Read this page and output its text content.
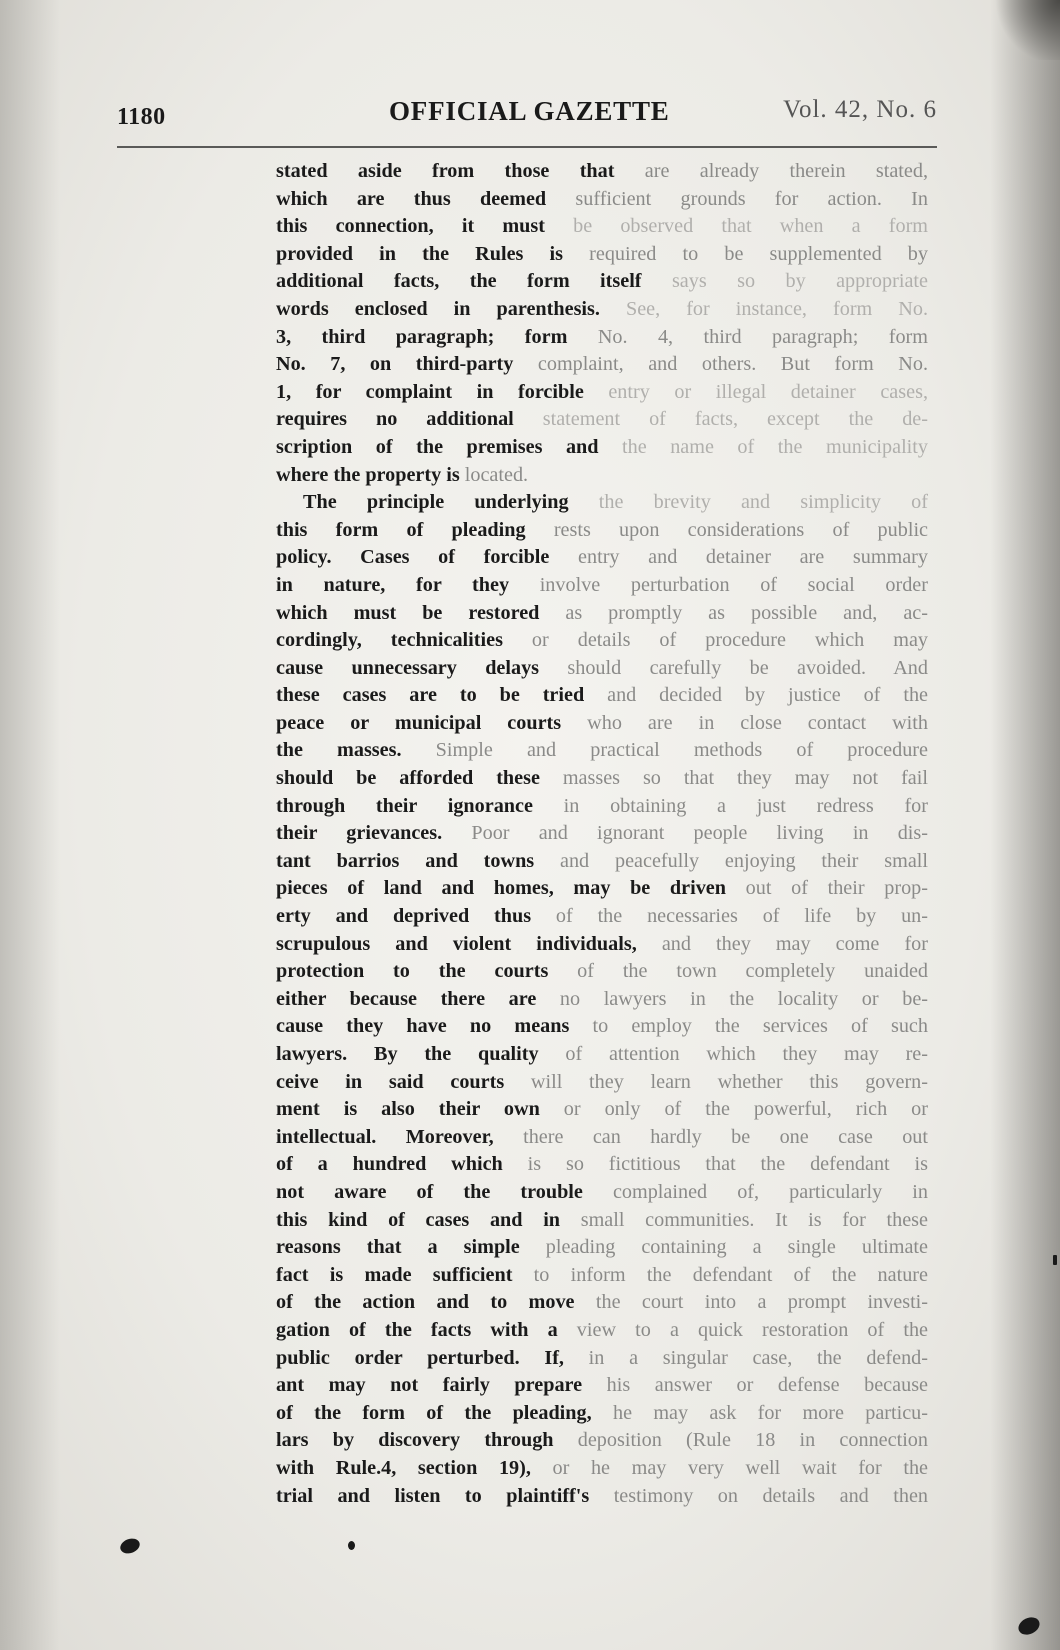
1180	OFFICIAL GAZETTE	Vol. 42, No. 6
stated aside from those that are already therein stated,
which are thus deemed sufficient grounds for action. In
this connection, it must be observed that when a form
provided in the Rules is required to be supplemented by
additional facts, the form itself says so by appropriate
words enclosed in parenthesis. See, for instance, form No.
3, third paragraph; form No. 4, third paragraph; form
No. 7, on third-party complaint, and others. But form No.
1, for complaint in forcible entry or illegal detainer cases,
requires no additional statement of facts, except the de-
scription of the premises and the name of the municipality
where the property is located.
The principle underlying the brevity and simplicity of
this form of pleading rests upon considerations of public
policy. Cases of forcible entry and detainer are summary
in nature, for they involve perturbation of social order
which must be restored as promptly as possible and, ac-
cordingly, technicalities or details of procedure which may
cause unnecessary delays should carefully be avoided. And
these cases are to be tried and decided by justice of the
peace or municipal courts who are in close contact with
the masses. Simple and practical methods of procedure
should be afforded these masses so that they may not fail
through their ignorance in obtaining a just redress for
their grievances. Poor and ignorant people living in dis-
tant barrios and towns and peacefully enjoying their small
pieces of land and homes, may be driven out of their prop-
erty and deprived thus of the necessaries of life by un-
scrupulous and violent individuals, and they may come for
protection to the courts of the town completely unaided
either because there are no lawyers in the locality or be-
cause they have no means to employ the services of such
lawyers. By the quality of attention which they may re-
ceive in said courts will they learn whether this govern-
ment is also their own or only of the powerful, rich or
intellectual. Moreover, there can hardly be one case out
of a hundred which is so fictitious that the defendant is
not aware of the trouble complained of, particularly in
this kind of cases and in small communities. It is for these
reasons that a simple pleading containing a single ultimate
fact is made sufficient to inform the defendant of the nature
of the action and to move the court into a prompt investi-
gation of the facts with a view to a quick restoration of the
public order perturbed. If, in a singular case, the defend-
ant may not fairly prepare his answer or defense because
of the form of the pleading, he may ask for more particu-
lars by discovery through deposition (Rule 18 in connection
with Rule.4, section 19), or he may very well wait for the
trial and listen to plaintiff's testimony on details and then
